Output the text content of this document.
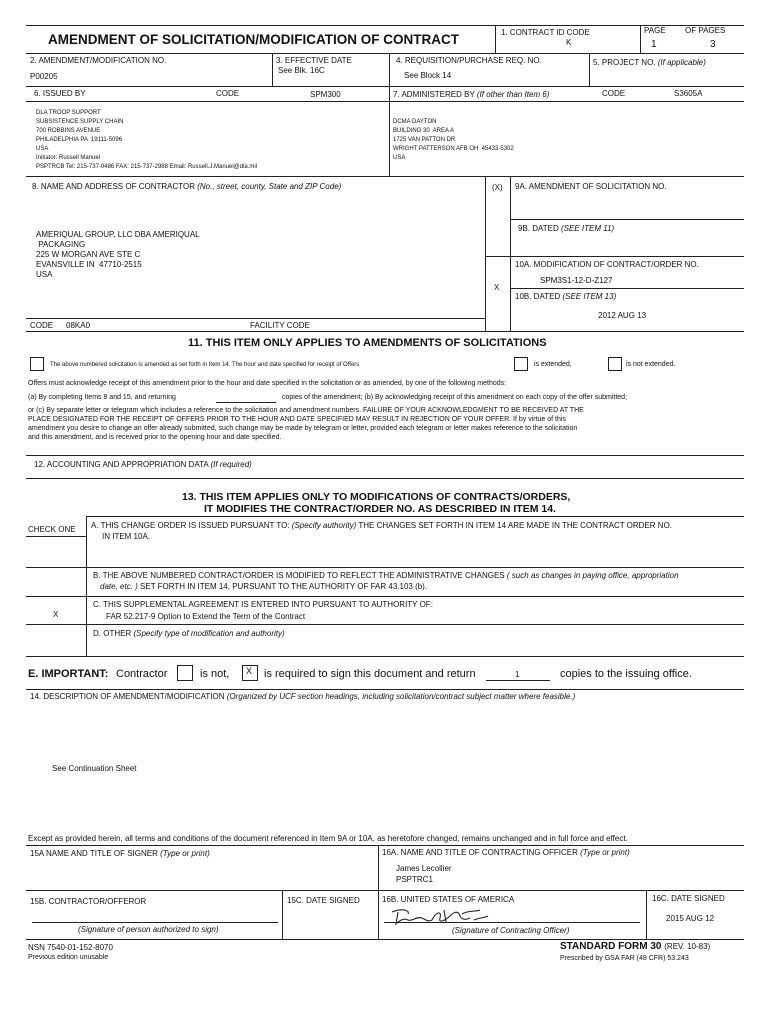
AMENDMENT OF SOLICITATION/MODIFICATION OF CONTRACT	1. CONTRACT ID CODE
K
PAGE OF PAGES
1	3
2. AMENDMENT/MODIFICATION NO.
P00205
3. EFFECTIVE DATE
See Blk. 16C
4. REQUISITION/PURCHASE REQ. NO.
See Block 14
5. PROJECT NO. (If applicable)
6. ISSUED BY	CODE	SPM300	7. ADMINISTERED BY (If other than Item 6)	CODE	S3605A
DLA TROOP SUPPORT
SUBSISTENCE SUPPLY CHAIN
700 ROBBINS AVENUE
PHILADELPHIA PA  19111-5096
USA
Initiator: Russell Manuel
PSPTRCB Tel: 215-737-0486 FAX: 215-737-2988 Email: Russell.J.Manuel@dla.mil
DCMA DAYTON
BUILDING 30  AREA A
1725 VAN PATTON DR
WRIGHT PATTERSON AFB OH  45433-5302
USA
8. NAME AND ADDRESS OF CONTRACTOR (No., street, county, State and ZIP Code)
AMERIQUAL GROUP, LLC DBA AMERIQUAL
PACKAGING
225 W MORGAN AVE STE C
EVANSVILLE IN  47710-2515
USA
CODE 08KA0	FACILITY CODE
(X) 9A. AMENDMENT OF SOLICITATION NO.
9B. DATED (SEE ITEM 11)
10A. MODIFICATION OF CONTRACT/ORDER NO.
SPM3S1-12-D-Z127
X
10B. DATED (SEE ITEM 13)
2012 AUG 13
11. THIS ITEM ONLY APPLIES TO AMENDMENTS OF SOLICITATIONS
The above numbered solicitation is amended as set forth in Item 14. The hour and date specified for receipt of Offers	is extended,	is not extended.
Offers must acknowledge receipt of this amendment prior to the hour and date specified in the solicitation or as amended, by one of the following methods:
(a) By completing Items 8 and 15, and returning	copies of the amendment; (b) By acknowledging receipt of this amendment on each copy of the offer submitted;
or (c) By separate letter or telegram which includes a reference to the solicitation and amendment numbers. FAILURE OF YOUR ACKNOWLEDGMENT TO BE RECEIVED AT THE
PLACE DESIGNATED FOR THE RECEIPT OF OFFERS PRIOR TO THE HOUR AND DATE SPECIFIED MAY RESULT IN REJECTION OF YOUR OFFER. If by virtue of this
amendment you desire to change an offer already submitted, such change may be made by telegram or letter, provided each telegram or letter makes reference to the solicitation
and this amendment, and is received prior to the opening hour and date specified.
12. ACCOUNTING AND APPROPRIATION DATA (If required)
13. THIS ITEM APPLIES ONLY TO MODIFICATIONS OF CONTRACTS/ORDERS,
IT MODIFIES THE CONTRACT/ORDER NO. AS DESCRIBED IN ITEM 14.
CHECK ONE A. THIS CHANGE ORDER IS ISSUED PURSUANT TO: (Specify authority) THE CHANGES SET FORTH IN ITEM 14 ARE MADE IN THE CONTRACT ORDER NO.
IN ITEM 10A.
B. THE ABOVE NUMBERED CONTRACT/ORDER IS MODIFIED TO REFLECT THE ADMINISTRATIVE CHANGES ( such as changes in paying office, appropriation
date, etc. ) SET FORTH IN ITEM 14, PURSUANT TO THE AUTHORITY OF FAR 43.103 (b).
C. THIS SUPPLEMENTAL AGREEMENT IS ENTERED INTO PURSUANT TO AUTHORITY OF:
FAR 52.217-9 Option to Extend the Term of the Contract
X
D. OTHER (Specify type of modification and authority)
E. IMPORTANT: Contractor	is not, X is required to sign this document and return	1	copies to the issuing office.
14. DESCRIPTION OF AMENDMENT/MODIFICATION (Organized by UCF section headings, including solicitation/contract subject matter where feasible.)
See Continuation Sheet
Except as provided herein, all terms and conditions of the document referenced in Item 9A or 10A, as heretofore changed, remains unchanged and in full force and effect.
15A NAME AND TITLE OF SIGNER (Type or print)	16A. NAME AND TITLE OF CONTRACTING OFFICER (Type or print)
James Lecollier
PSPTRC1
15B. CONTRACTOR/OFFEROR
(Signature of person authorized to sign)
15C. DATE SIGNED	16B. UNITED STATES OF AMERICA
(Signature of Contracting Officer)
16C. DATE SIGNED
2015 AUG 12
NSN 7540-01-152-8070
Previous edition unusable
STANDARD FORM 30 (REV. 10-83)
Prescribed by GSA FAR (48 CFR) 53.243
